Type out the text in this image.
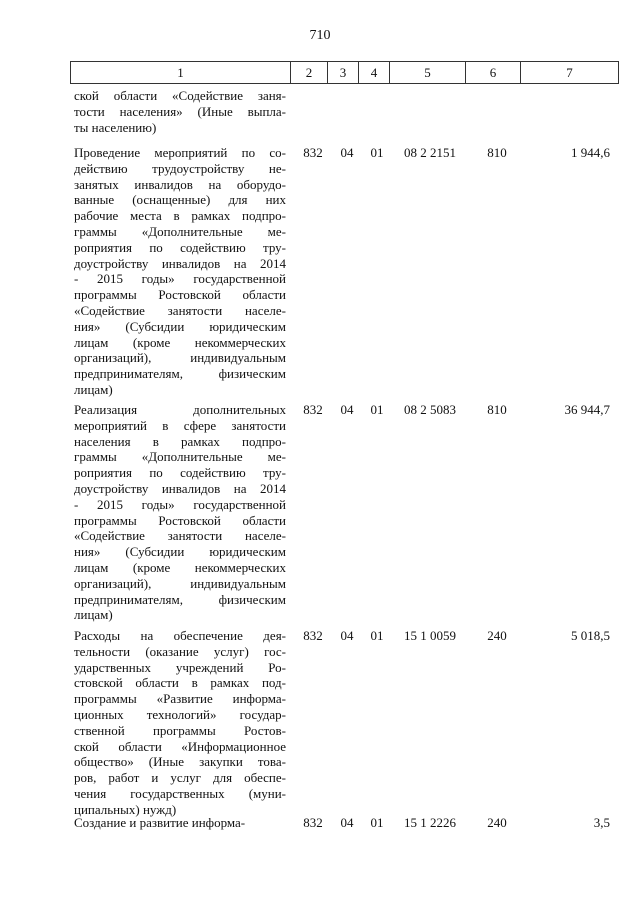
710
1	2	3	4	5	6	7
ской области «Содействие заня-
тости населения» (Иные выпла-
ты населению)
Проведение мероприятий по со-
действию трудоустройству не-
занятых инвалидов на оборудо-
ванные (оснащенные) для них
рабочие места в рамках подпро-
граммы «Дополнительные ме-
роприятия по содействию тру-
доустройству инвалидов на 2014
- 2015 годы» государственной
программы Ростовской области
«Содействие занятости населе-
ния» (Субсидии юридическим
лицам (кроме некоммерческих
организаций), индивидуальным
предпринимателям, физическим
лицам)
832	04	01	08 2 2151	810	1 944,6
Реализация дополнительных
мероприятий в сфере занятости
населения в рамках подпро-
граммы «Дополнительные ме-
роприятия по содействию тру-
доустройству инвалидов на 2014
- 2015 годы» государственной
программы Ростовской области
«Содействие занятости населе-
ния» (Субсидии юридическим
лицам (кроме некоммерческих
организаций), индивидуальным
предпринимателям, физическим
лицам)
832	04	01	08 2 5083	810	36 944,7
Расходы на обеспечение дея-
тельности (оказание услуг) гос-
ударственных учреждений Ро-
стовской области в рамках под-
программы «Развитие информа-
ционных технологий» государ-
ственной программы Ростов-
ской области «Информационное
общество» (Иные закупки това-
ров, работ и услуг для обеспе-
чения государственных (муни-
ципальных) нужд)
832	04	01	15 1 0059	240	5 018,5
Создание и развитие информа-	832	04	01	15 1 2226	240	3,5
